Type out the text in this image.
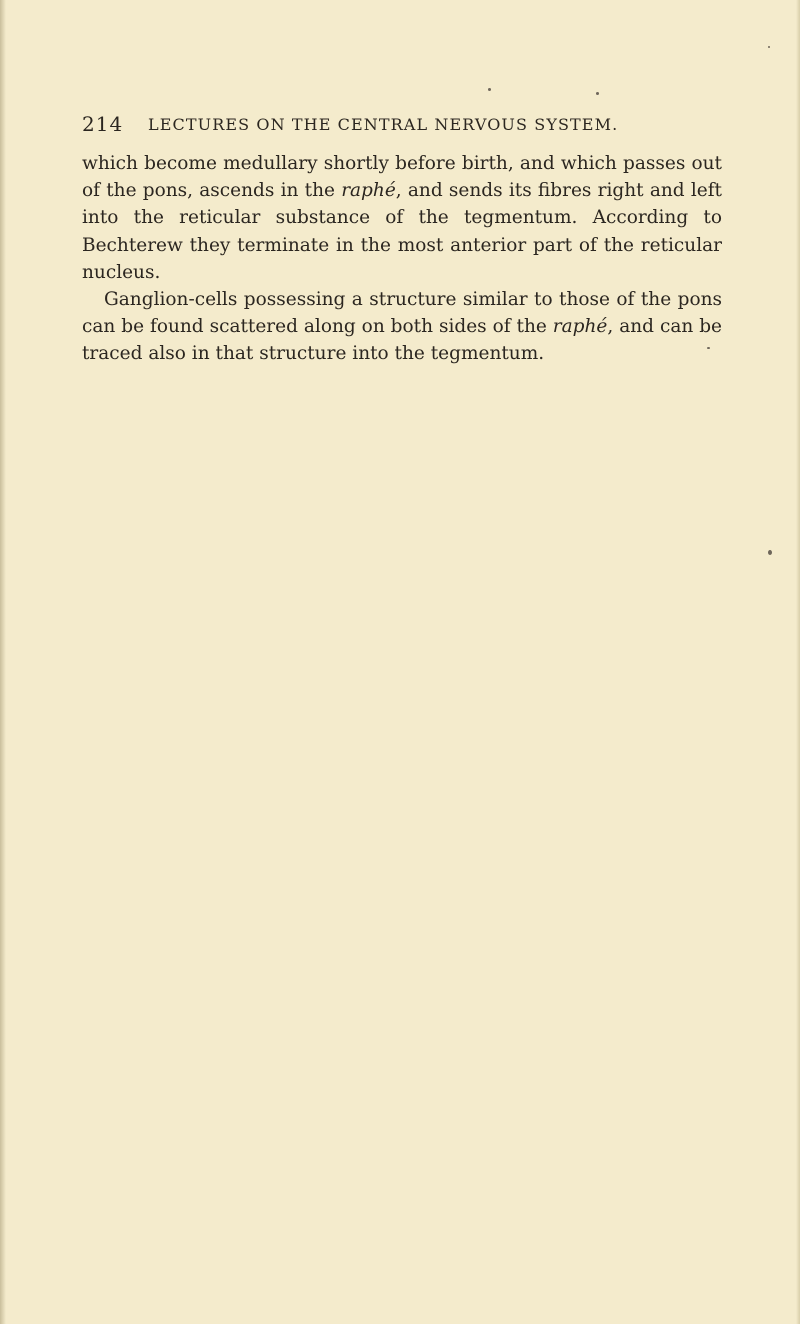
214 LECTURES ON THE CENTRAL NERVOUS SYSTEM.

which become medullary shortly before birth, and which passes out of the pons, ascends in the raphé, and sends its fibres right and left into the reticular substance of the tegmentum. According to Bechterew they terminate in the most anterior part of the reticular nucleus.

Ganglion-cells possessing a structure similar to those of the pons can be found scattered along on both sides of the raphé, and can be traced also in that structure into the tegmentum.
